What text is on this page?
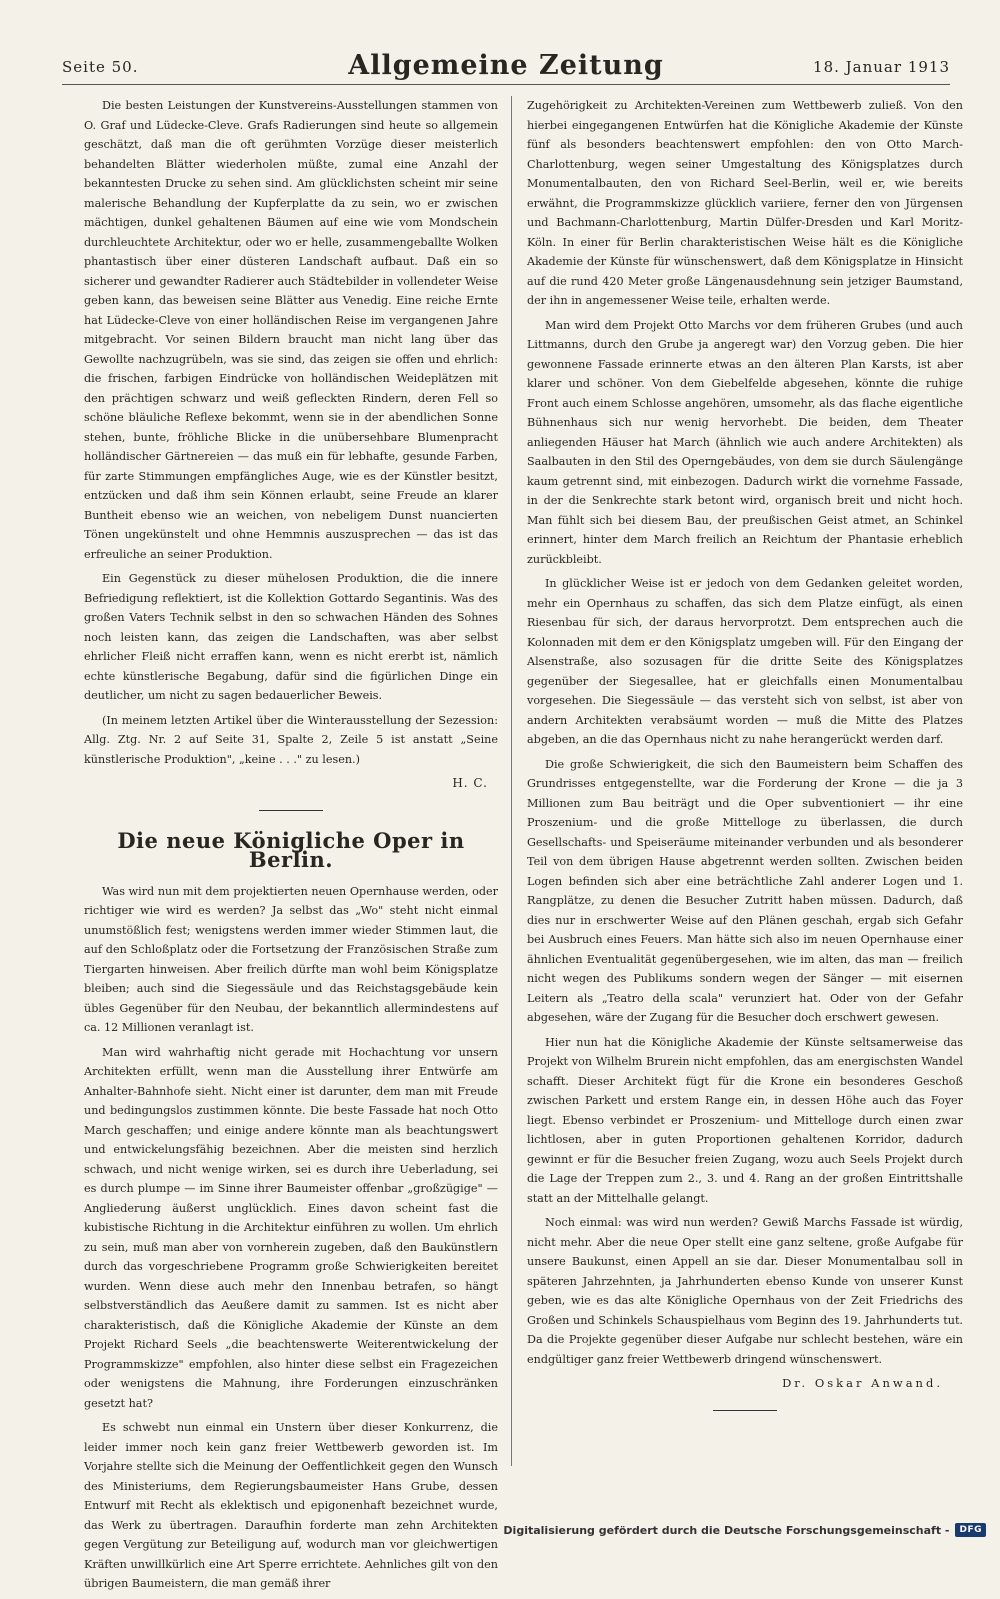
Seite 50.	Allgemeine Zeitung	18. Januar 1913

Die besten Leistungen der Kunstvereins-Ausstellungen stammen von O. Graf und Lüdecke-Cleve. Grafs Radierungen sind heute so allgemein geschätzt, daß man die oft gerühmten Vorzüge dieser meisterlich behandelten Blätter wiederholen müßte, zumal eine Anzahl der bekanntesten Drucke zu sehen sind. Am glücklichsten scheint mir seine malerische Behandlung der Kupferplatte da zu sein, wo er zwischen mächtigen, dunkel gehaltenen Bäumen auf eine wie vom Mondschein durchleuchtete Architektur, oder wo er helle, zusammengeballte Wolken phantastisch über einer düsteren Landschaft aufbaut. Daß ein so sicherer und gewandter Radierer auch Städtebilder in vollendeter Weise geben kann, das beweisen seine Blätter aus Venedig. Eine reiche Ernte hat Lüdecke-Cleve von einer holländischen Reise im vergangenen Jahre mitgebracht. Vor seinen Bildern braucht man nicht lang über das Gewollte nachzugrübeln, was sie sind, das zeigen sie offen und ehrlich: die frischen, farbigen Eindrücke von holländischen Weideplätzen mit den prächtigen schwarz und weiß gefleckten Rindern, deren Fell so schöne bläuliche Reflexe bekommt, wenn sie in der abendlichen Sonne stehen, bunte, fröhliche Blicke in die unübersehbare Blumenpracht holländischer Gärtnereien — das muß ein für lebhafte, gesunde Farben, für zarte Stimmungen empfängliches Auge, wie es der Künstler besitzt, entzücken und daß ihm sein Können erlaubt, seine Freude an klarer Buntheit ebenso wie an weichen, von nebeligem Dunst nuancierten Tönen ungekünstelt und ohne Hemmnis auszusprechen — das ist das erfreuliche an seiner Produktion.

Ein Gegenstück zu dieser mühelosen Produktion, die die innere Befriedigung reflektiert, ist die Kollektion Gottardo Segantinis. Was des großen Vaters Technik selbst in den so schwachen Händen des Sohnes noch leisten kann, das zeigen die Landschaften, was aber selbst ehrlicher Fleiß nicht erraffen kann, wenn es nicht ererbt ist, nämlich echte künstlerische Begabung, dafür sind die figürlichen Dinge ein deutlicher, um nicht zu sagen bedauerlicher Beweis.

(In meinem letzten Artikel über die Winterausstellung der Sezession: Allg. Ztg. Nr. 2 auf Seite 31, Spalte 2, Zeile 5 ist anstatt „Seine künstlerische Produktion", „keine . . ." zu lesen.)

H. C.
Die neue Königliche Oper in Berlin.

Was wird nun mit dem projektierten neuen Opernhause werden, oder richtiger wie wird es werden? Ja selbst das „Wo" steht nicht einmal unumstößlich fest; wenigstens werden immer wieder Stimmen laut, die auf den Schloßplatz oder die Fortsetzung der Französischen Straße zum Tiergarten hinweisen. Aber freilich dürfte man wohl beim Königsplatze bleiben; auch sind die Siegessäule und das Reichstagsgebäude kein übles Gegenüber für den Neubau, der bekanntlich allermindestens auf ca. 12 Millionen veranlagt ist.

Man wird wahrhaftig nicht gerade mit Hochachtung vor unsern Architekten erfüllt, wenn man die Ausstellung ihrer Entwürfe am Anhalter-Bahnhofe sieht. Nicht einer ist darunter, dem man mit Freude und bedingungslos zustimmen könnte. Die beste Fassade hat noch Otto March geschaffen; und einige andere könnte man als beachtungswert und entwickelungsfähig bezeichnen. Aber die meisten sind herzlich schwach, und nicht wenige wirken, sei es durch ihre Ueberladung, sei es durch plumpe — im Sinne ihrer Baumeister offenbar „großzügige" — Angliederung äußerst unglücklich. Eines davon scheint fast die kubistische Richtung in die Architektur einführen zu wollen. Um ehrlich zu sein, muß man aber von vornherein zugeben, daß den Baukünstlern durch das vorgeschriebene Programm große Schwierigkeiten bereitet wurden. Wenn diese auch mehr den Innenbau betrafen, so hängt selbstverständlich das Aeußere damit zu sammen. Ist es nicht aber charakteristisch, daß die Königliche Akademie der Künste an dem Projekt Richard Seels „die beachtenswerte Weiterentwickelung der Programmskizze" empfohlen, also hinter diese selbst ein Fragezeichen oder wenigstens die Mahnung, ihre Forderungen einzuschränken gesetzt hat?

Es schwebt nun einmal ein Unstern über dieser Konkurrenz, die leider immer noch kein ganz freier Wettbewerb geworden ist. Im Vorjahre stellte sich die Meinung der Oeffentlichkeit gegen den Wunsch des Ministeriums, dem Regierungsbaumeister Hans Grube, dessen Entwurf mit Recht als eklektisch und epigonenhaft bezeichnet wurde, das Werk zu übertragen. Daraufhin forderte man zehn Architekten gegen Vergütung zur Beteiligung auf, wodurch man vor gleichwertigen Kräften unwillkürlich eine Art Sperre errichtete. Aehnliches gilt von den übrigen Baumeistern, die man gemäß ihrer

Zugehörigkeit zu Architekten-Vereinen zum Wettbewerb zuließ. Von den hierbei eingegangenen Entwürfen hat die Königliche Akademie der Künste fünf als besonders beachtenswert empfohlen: den von Otto March-Charlottenburg, wegen seiner Umgestaltung des Königsplatzes durch Monumentalbauten, den von Richard Seel-Berlin, weil er, wie bereits erwähnt, die Programmskizze glücklich variiere, ferner den von Jürgensen und Bachmann-Charlottenburg, Martin Dülfer-Dresden und Karl Moritz-Köln. In einer für Berlin charakteristischen Weise hält es die Königliche Akademie der Künste für wünschenswert, daß dem Königsplatze in Hinsicht auf die rund 420 Meter große Längenausdehnung sein jetziger Baumstand, der ihn in angemessener Weise teile, erhalten werde.

Man wird dem Projekt Otto Marchs vor dem früheren Grubes (und auch Littmanns, durch den Grube ja angeregt war) den Vorzug geben. Die hier gewonnene Fassade erinnerte etwas an den älteren Plan Karsts, ist aber klarer und schöner. Von dem Giebelfelde abgesehen, könnte die ruhige Front auch einem Schlosse angehören, umsomehr, als das flache eigentliche Bühnenhaus sich nur wenig hervorhebt. Die beiden, dem Theater anliegenden Häuser hat March (ähnlich wie auch andere Architekten) als Saalbauten in den Stil des Operngebäudes, von dem sie durch Säulengänge kaum getrennt sind, mit einbezogen. Dadurch wirkt die vornehme Fassade, in der die Senkrechte stark betont wird, organisch breit und nicht hoch. Man fühlt sich bei diesem Bau, der preußischen Geist atmet, an Schinkel erinnert, hinter dem March freilich an Reichtum der Phantasie erheblich zurückbleibt.

In glücklicher Weise ist er jedoch von dem Gedanken geleitet worden, mehr ein Opernhaus zu schaffen, das sich dem Platze einfügt, als einen Riesenbau für sich, der daraus hervorprotzt. Dem entsprechen auch die Kolonnaden mit dem er den Königsplatz umgeben will. Für den Eingang der Alsenstraße, also sozusagen für die dritte Seite des Königsplatzes gegenüber der Siegesallee, hat er gleichfalls einen Monumentalbau vorgesehen. Die Siegessäule — das versteht sich von selbst, ist aber von andern Architekten verabsäumt worden — muß die Mitte des Platzes abgeben, an die das Opernhaus nicht zu nahe herangerückt werden darf.

Die große Schwierigkeit, die sich den Baumeistern beim Schaffen des Grundrisses entgegenstellte, war die Forderung der Krone — die ja 3 Millionen zum Bau beiträgt und die Oper subventioniert — ihr eine Proszenium- und die große Mittelloge zu überlassen, die durch Gesellschafts- und Speiseräume miteinander verbunden und als besonderer Teil von dem übrigen Hause abgetrennt werden sollten. Zwischen beiden Logen befinden sich aber eine beträchtliche Zahl anderer Logen und 1. Rangplätze, zu denen die Besucher Zutritt haben müssen. Dadurch, daß dies nur in erschwerter Weise auf den Plänen geschah, ergab sich Gefahr bei Ausbruch eines Feuers. Man hätte sich also im neuen Opernhause einer ähnlichen Eventualität gegenübergesehen, wie im alten, das man — freilich nicht wegen des Publikums sondern wegen der Sänger — mit eisernen Leitern als „Teatro della scala" verunziert hat. Oder von der Gefahr abgesehen, wäre der Zugang für die Besucher doch erschwert gewesen.

Hier nun hat die Königliche Akademie der Künste seltsamerweise das Projekt von Wilhelm Brurein nicht empfohlen, das am energischsten Wandel schafft. Dieser Architekt fügt für die Krone ein besonderes Geschoß zwischen Parkett und erstem Range ein, in dessen Höhe auch das Foyer liegt. Ebenso verbindet er Proszenium- und Mittelloge durch einen zwar lichtlosen, aber in guten Proportionen gehaltenen Korridor, dadurch gewinnt er für die Besucher freien Zugang, wozu auch Seels Projekt durch die Lage der Treppen zum 2., 3. und 4. Rang an der großen Eintrittshalle statt an der Mittelhalle gelangt.

Noch einmal: was wird nun werden? Gewiß Marchs Fassade ist würdig, nicht mehr. Aber die neue Oper stellt eine ganz seltene, große Aufgabe für unsere Baukunst, einen Appell an sie dar. Dieser Monumentalbau soll in späteren Jahrzehnten, ja Jahrhunderten ebenso Kunde von unserer Kunst geben, wie es das alte Königliche Opernhaus von der Zeit Friedrichs des Großen und Schinkels Schauspielhaus vom Beginn des 19. Jahrhunderts tut. Da die Projekte gegenüber dieser Aufgabe nur schlecht bestehen, wäre ein endgültiger ganz freier Wettbewerb dringend wünschenswert.

Dr. Oskar Anwand.
Digitalisierung gefördert durch die Deutsche Forschungsgemeinschaft -	DFG
